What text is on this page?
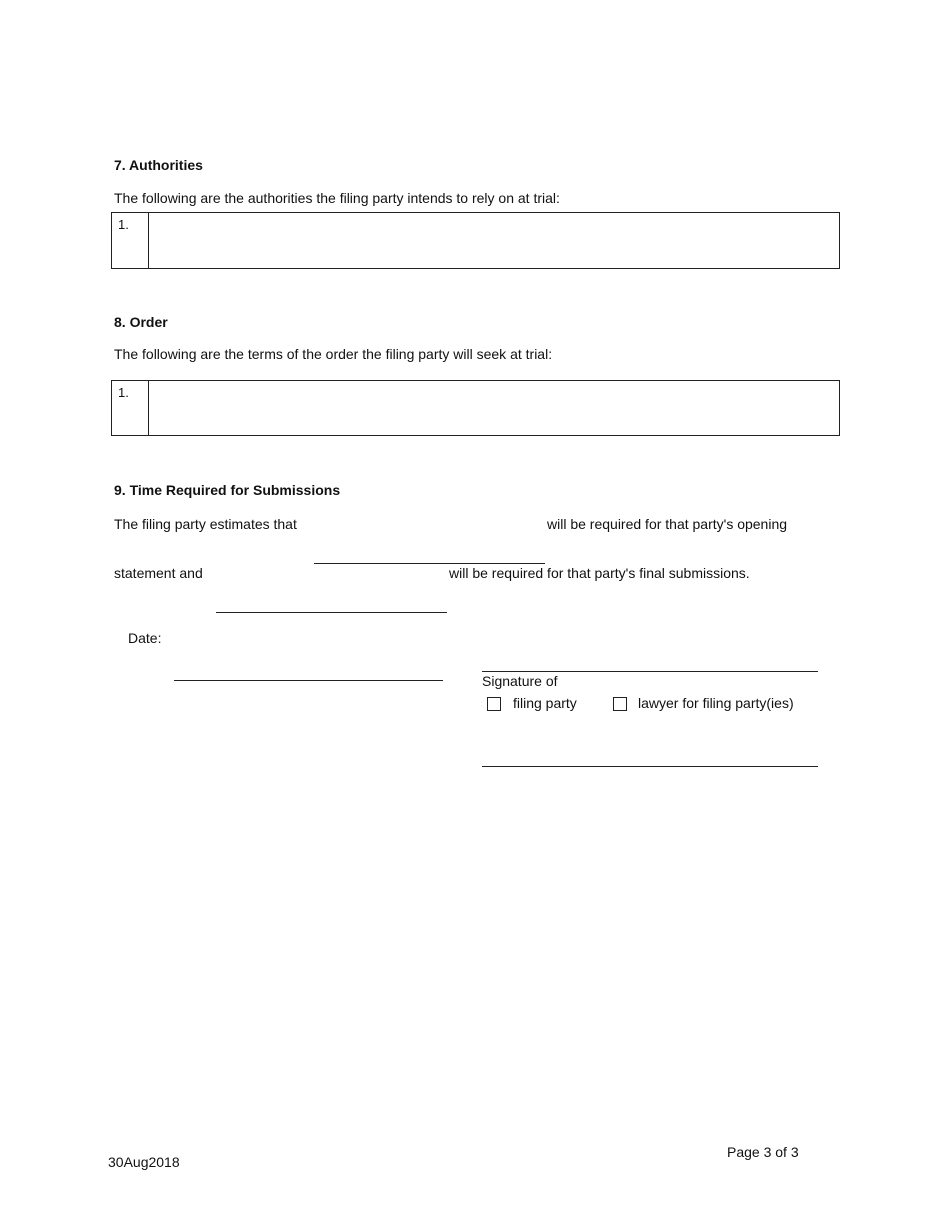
7. Authorities
The following are the authorities the filing party intends to rely on at trial:
1.
8. Order
The following are the terms of the order the filing party will seek at trial:
1.
9. Time Required for Submissions
The filing party estimates that	will be required for that party's opening
statement and	will be required for that party's final submissions.
Date:
Signature of
filing party	lawyer for filing party(ies)
Page 3 of 3
30Aug2018
